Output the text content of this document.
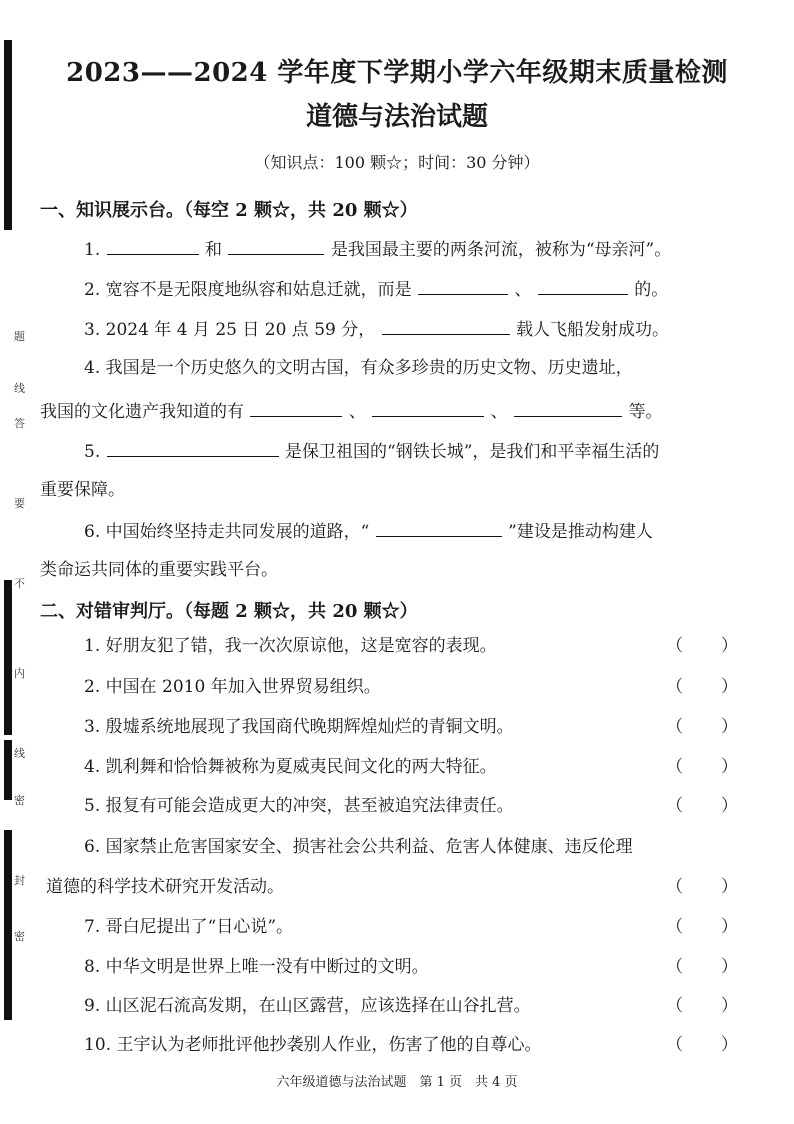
题
线
答
要
不
内
线
密
封
密
2023——2024 学年度下学期小学六年级期末质量检测
道德与法治试题
（知识点：100 颗☆；时间：30 分钟）
一、知识展示台。（每空 2 颗☆，共 20 颗☆）
1.	和	是我国最主要的两条河流，被称为“母亲河”。
2. 宽容不是无限度地纵容和姑息迁就，而是	、	的。
3. 2024 年 4 月 25 日 20 点 59 分，	载人飞船发射成功。
4. 我国是一个历史悠久的文明古国，有众多珍贵的历史文物、历史遗址，
我国的文化遗产我知道的有	、	、	等。
5.	是保卫祖国的“钢铁长城”，是我们和平幸福生活的
重要保障。
6. 中国始终坚持走共同发展的道路，“	”建设是推动构建人
类命运共同体的重要实践平台。
二、对错审判厅。（每题 2 颗☆，共 20 颗☆）
1. 好朋友犯了错，我一次次原谅他，这是宽容的表现。	（ ）
2. 中国在 2010 年加入世界贸易组织。	（ ）
3. 殷墟系统地展现了我国商代晚期辉煌灿烂的青铜文明。	（ ）
4. 凯利舞和恰恰舞被称为夏威夷民间文化的两大特征。	（ ）
5. 报复有可能会造成更大的冲突，甚至被追究法律责任。	（ ）
6. 国家禁止危害国家安全、损害社会公共利益、危害人体健康、违反伦理
道德的科学技术研究开发活动。	（ ）
7. 哥白尼提出了“日心说”。	（ ）
8. 中华文明是世界上唯一没有中断过的文明。	（ ）
9. 山区泥石流高发期，在山区露营，应该选择在山谷扎营。	（ ）
10. 王宇认为老师批评他抄袭别人作业，伤害了他的自尊心。	（ ）
六年级道德与法治试题　第 1 页　共 4 页
